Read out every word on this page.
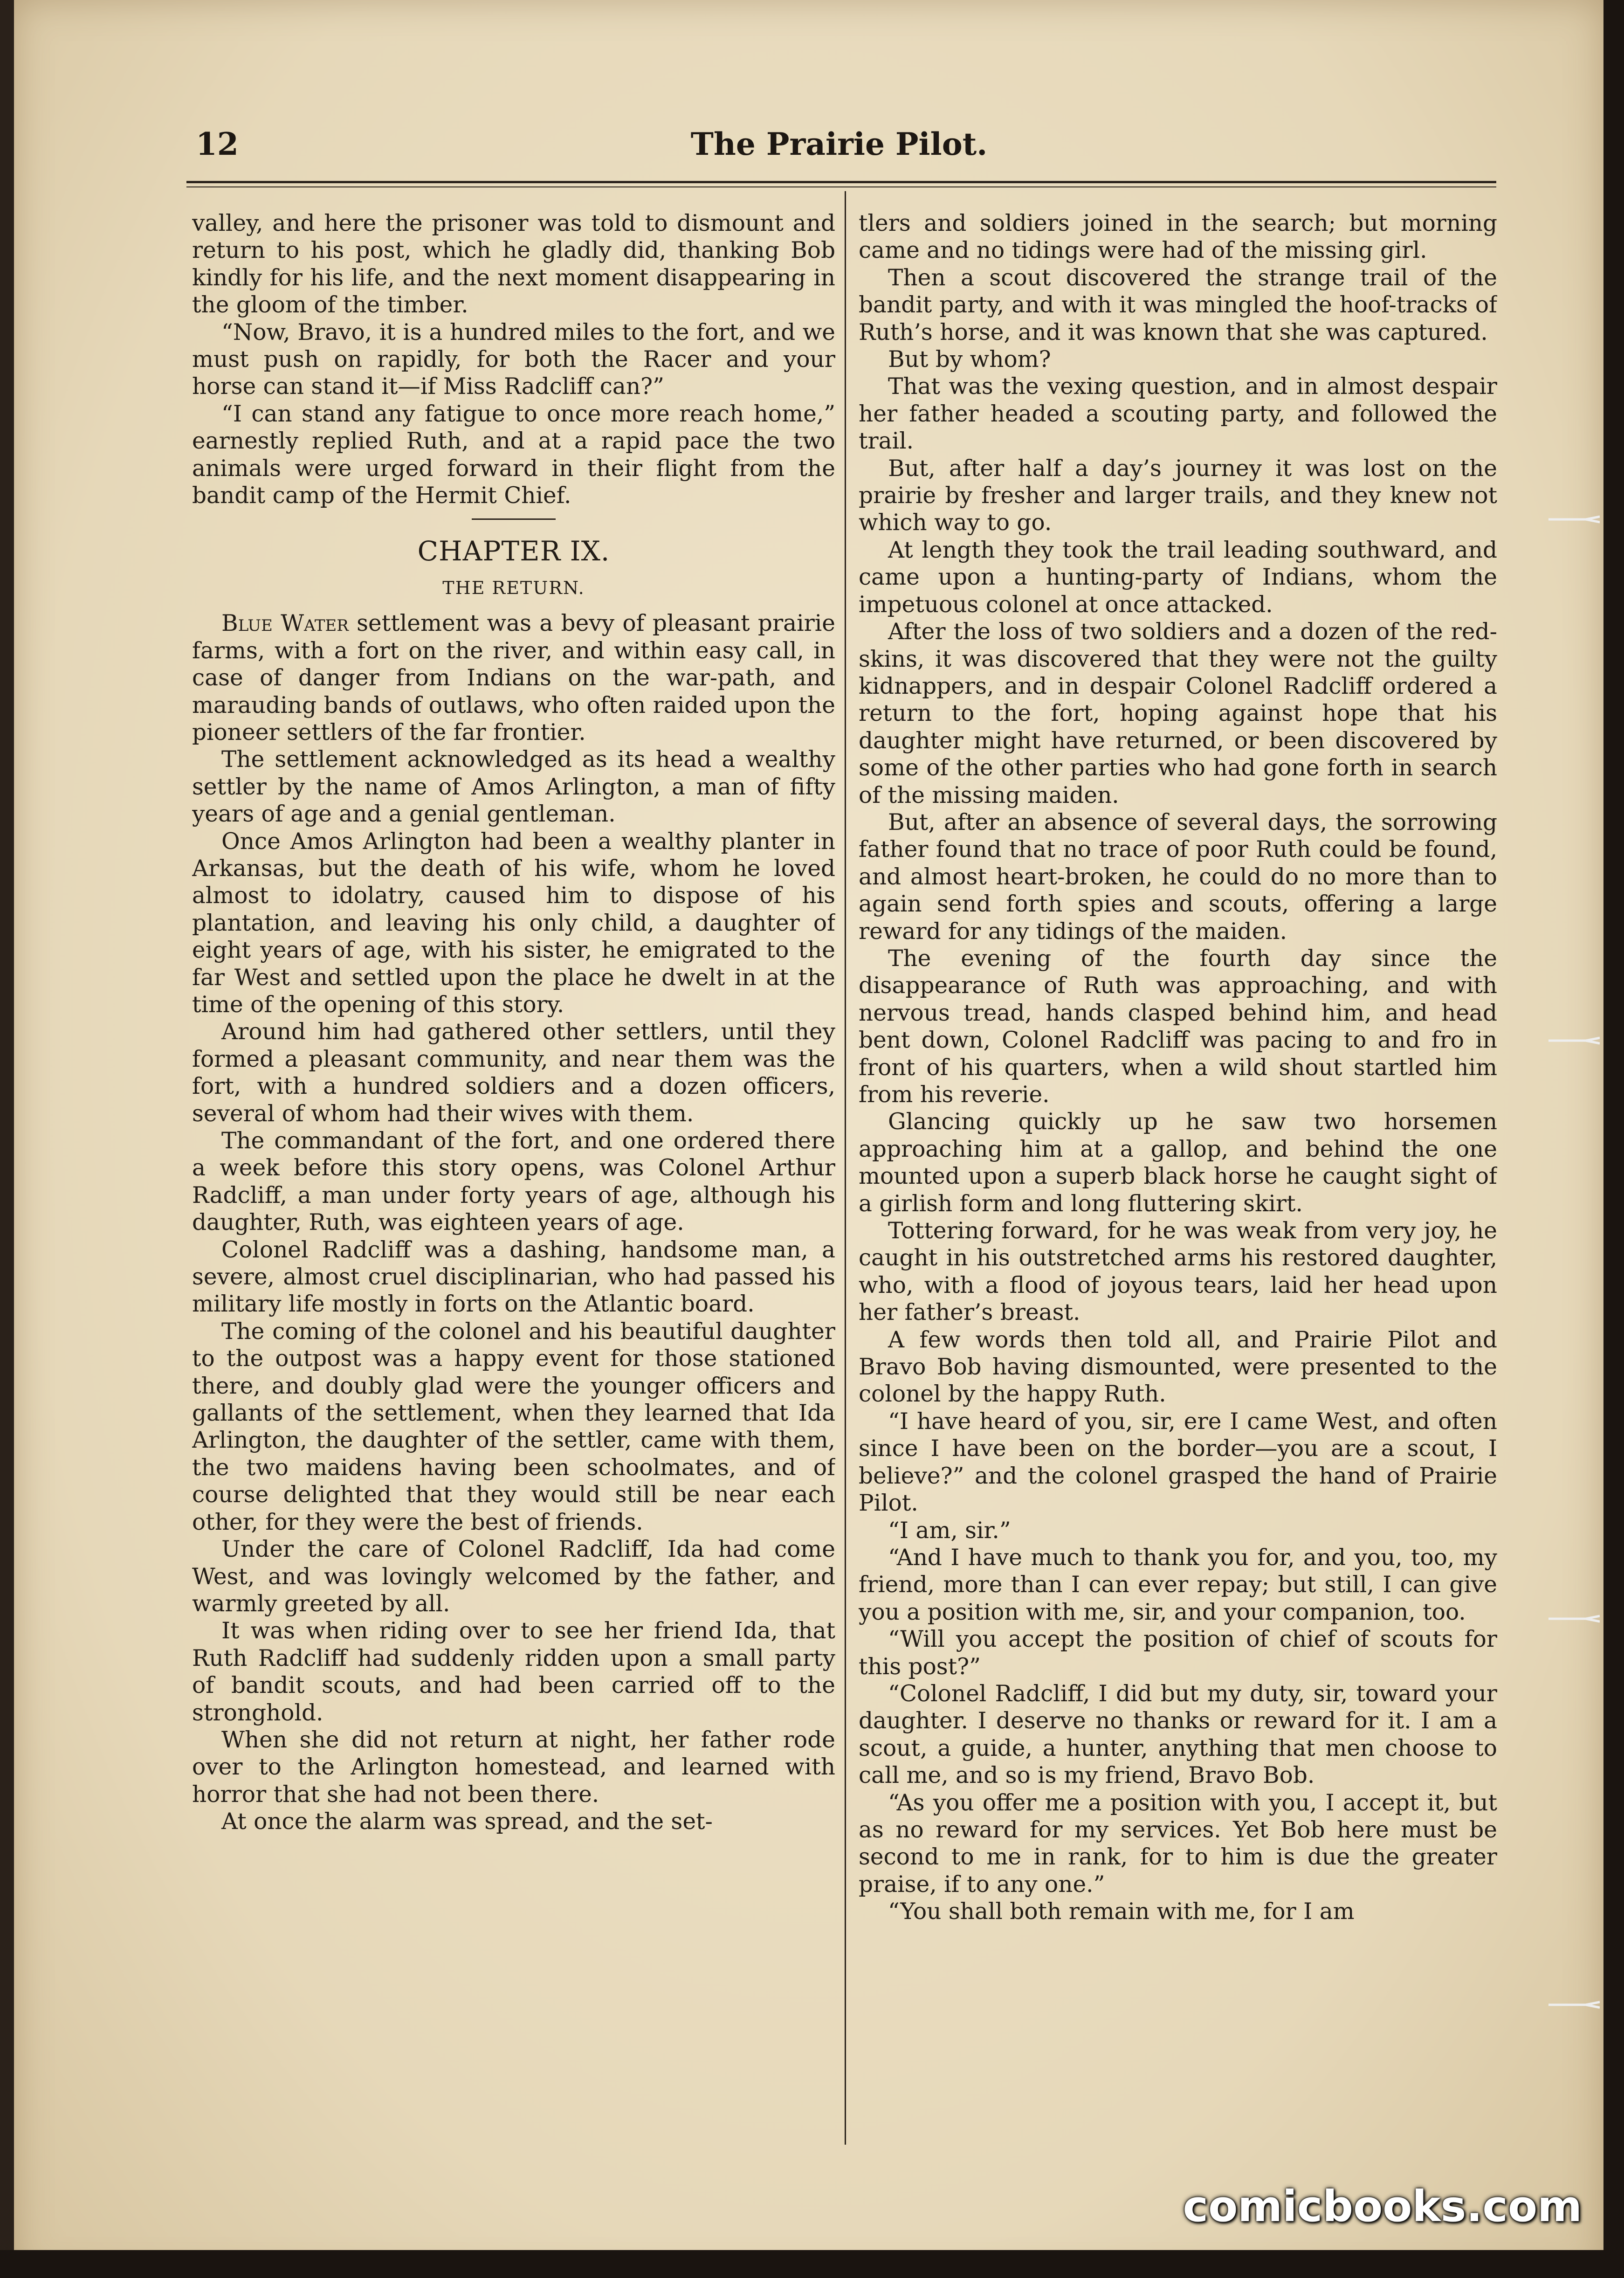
12	The Prairie Pilot.

valley, and here the prisoner was told to dismount and return to his post, which he gladly did, thanking Bob kindly for his life, and the next moment disappearing in the gloom of the timber.

“Now, Bravo, it is a hundred miles to the fort, and we must push on rapidly, for both the Racer and your horse can stand it—if Miss Radcliff can?”

“I can stand any fatigue to once more reach home,” earnestly replied Ruth, and at a rapid pace the two animals were urged forward in their flight from the bandit camp of the Hermit Chief.

CHAPTER IX.
THE RETURN.

Blue Water settlement was a bevy of pleasant prairie farms, with a fort on the river, and within easy call, in case of danger from Indians on the war-path, and marauding bands of outlaws, who often raided upon the pioneer settlers of the far frontier.

The settlement acknowledged as its head a wealthy settler by the name of Amos Arlington, a man of fifty years of age and a genial gentleman.

Once Amos Arlington had been a wealthy planter in Arkansas, but the death of his wife, whom he loved almost to idolatry, caused him to dispose of his plantation, and leaving his only child, a daughter of eight years of age, with his sister, he emigrated to the far West and settled upon the place he dwelt in at the time of the opening of this story.

Around him had gathered other settlers, until they formed a pleasant community, and near them was the fort, with a hundred soldiers and a dozen officers, several of whom had their wives with them.

The commandant of the fort, and one ordered there a week before this story opens, was Colonel Arthur Radcliff, a man under forty years of age, although his daughter, Ruth, was eighteen years of age.

Colonel Radcliff was a dashing, handsome man, a severe, almost cruel disciplinarian, who had passed his military life mostly in forts on the Atlantic board.

The coming of the colonel and his beautiful daughter to the outpost was a happy event for those stationed there, and doubly glad were the younger officers and gallants of the settlement, when they learned that Ida Arlington, the daughter of the settler, came with them, the two maidens having been schoolmates, and of course delighted that they would still be near each other, for they were the best of friends.

Under the care of Colonel Radcliff, Ida had come West, and was lovingly welcomed by the father, and warmly greeted by all.

It was when riding over to see her friend Ida, that Ruth Radcliff had suddenly ridden upon a small party of bandit scouts, and had been carried off to the stronghold.

When she did not return at night, her father rode over to the Arlington homestead, and learned with horror that she had not been there.

At once the alarm was spread, and the set-

tlers and soldiers joined in the search; but morning came and no tidings were had of the missing girl.

Then a scout discovered the strange trail of the bandit party, and with it was mingled the hoof-tracks of Ruth’s horse, and it was known that she was captured.

But by whom?

That was the vexing question, and in almost despair her father headed a scouting party, and followed the trail.

But, after half a day’s journey it was lost on the prairie by fresher and larger trails, and they knew not which way to go.

At length they took the trail leading southward, and came upon a hunting-party of Indians, whom the impetuous colonel at once attacked.

After the loss of two soldiers and a dozen of the red-skins, it was discovered that they were not the guilty kidnappers, and in despair Colonel Radcliff ordered a return to the fort, hoping against hope that his daughter might have returned, or been discovered by some of the other parties who had gone forth in search of the missing maiden.

But, after an absence of several days, the sorrowing father found that no trace of poor Ruth could be found, and almost heart-broken, he could do no more than to again send forth spies and scouts, offering a large reward for any tidings of the maiden.

The evening of the fourth day since the disappearance of Ruth was approaching, and with nervous tread, hands clasped behind him, and head bent down, Colonel Radcliff was pacing to and fro in front of his quarters, when a wild shout startled him from his reverie.

Glancing quickly up he saw two horsemen approaching him at a gallop, and behind the one mounted upon a superb black horse he caught sight of a girlish form and long fluttering skirt.

Tottering forward, for he was weak from very joy, he caught in his outstretched arms his restored daughter, who, with a flood of joyous tears, laid her head upon her father’s breast.

A few words then told all, and Prairie Pilot and Bravo Bob having dismounted, were presented to the colonel by the happy Ruth.

“I have heard of you, sir, ere I came West, and often since I have been on the border—you are a scout, I believe?” and the colonel grasped the hand of Prairie Pilot.

“I am, sir.”

“And I have much to thank you for, and you, too, my friend, more than I can ever repay; but still, I can give you a position with me, sir, and your companion, too.

“Will you accept the position of chief of scouts for this post?”

“Colonel Radcliff, I did but my duty, sir, toward your daughter. I deserve no thanks or reward for it. I am a scout, a guide, a hunter, anything that men choose to call me, and so is my friend, Bravo Bob.

“As you offer me a position with you, I accept it, but as no reward for my services. Yet Bob here must be second to me in rank, for to him is due the greater praise, if to any one.”

“You shall both remain with me, for I am

comicbooks.com
